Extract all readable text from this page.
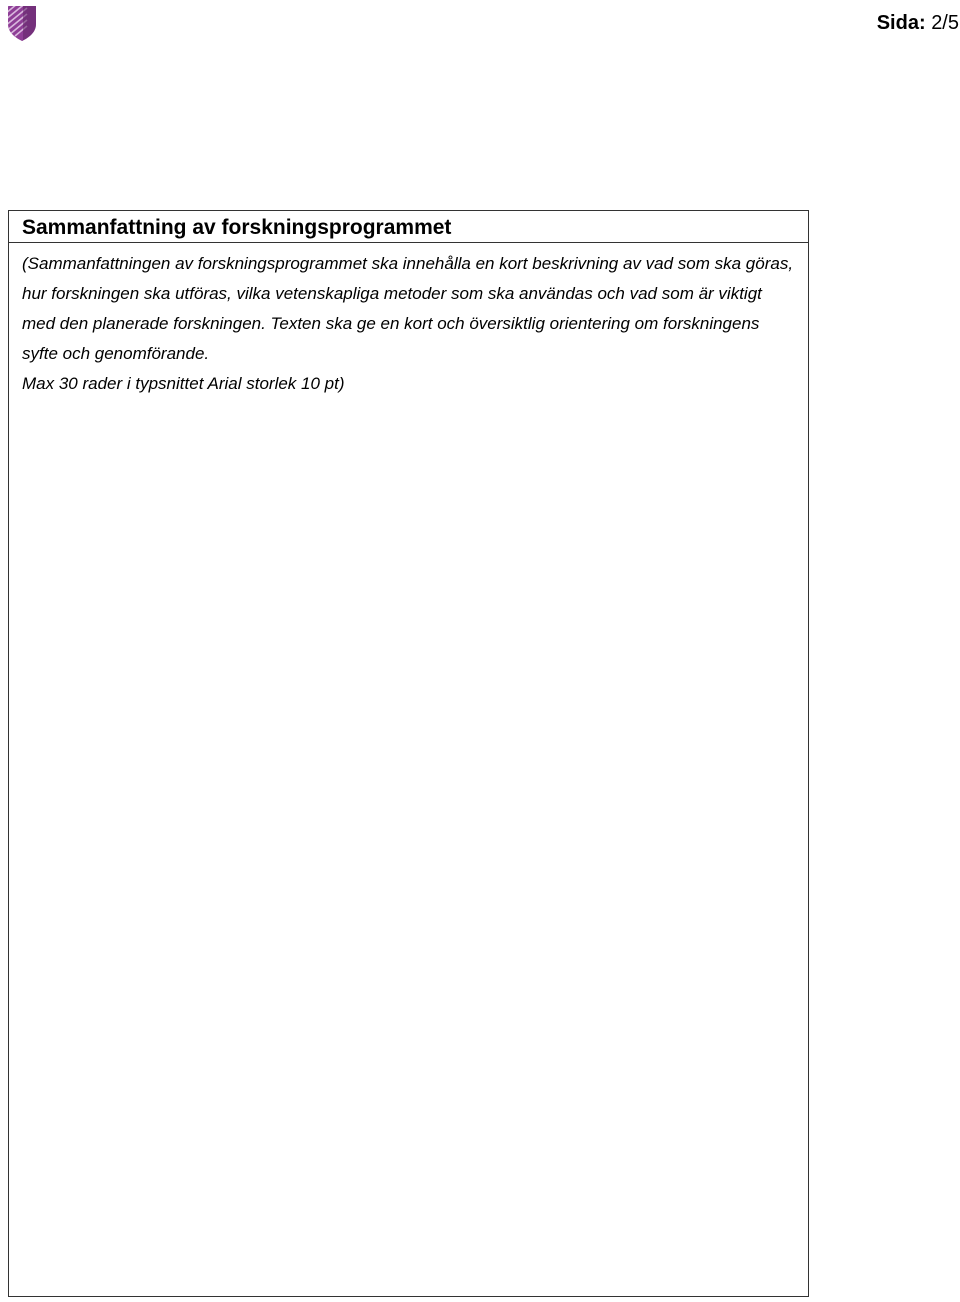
Sida: 2/5
Sammanfattning av forskningsprogrammet

(Sammanfattningen av forskningsprogrammet ska innehålla en kort beskrivning av vad som ska göras, hur forskningen ska utföras, vilka vetenskapliga metoder som ska användas och vad som är viktigt med den planerade forskningen. Texten ska ge en kort och översiktlig orientering om forskningens syfte och genomförande.

Max 30 rader i typsnittet Arial storlek 10 pt)
